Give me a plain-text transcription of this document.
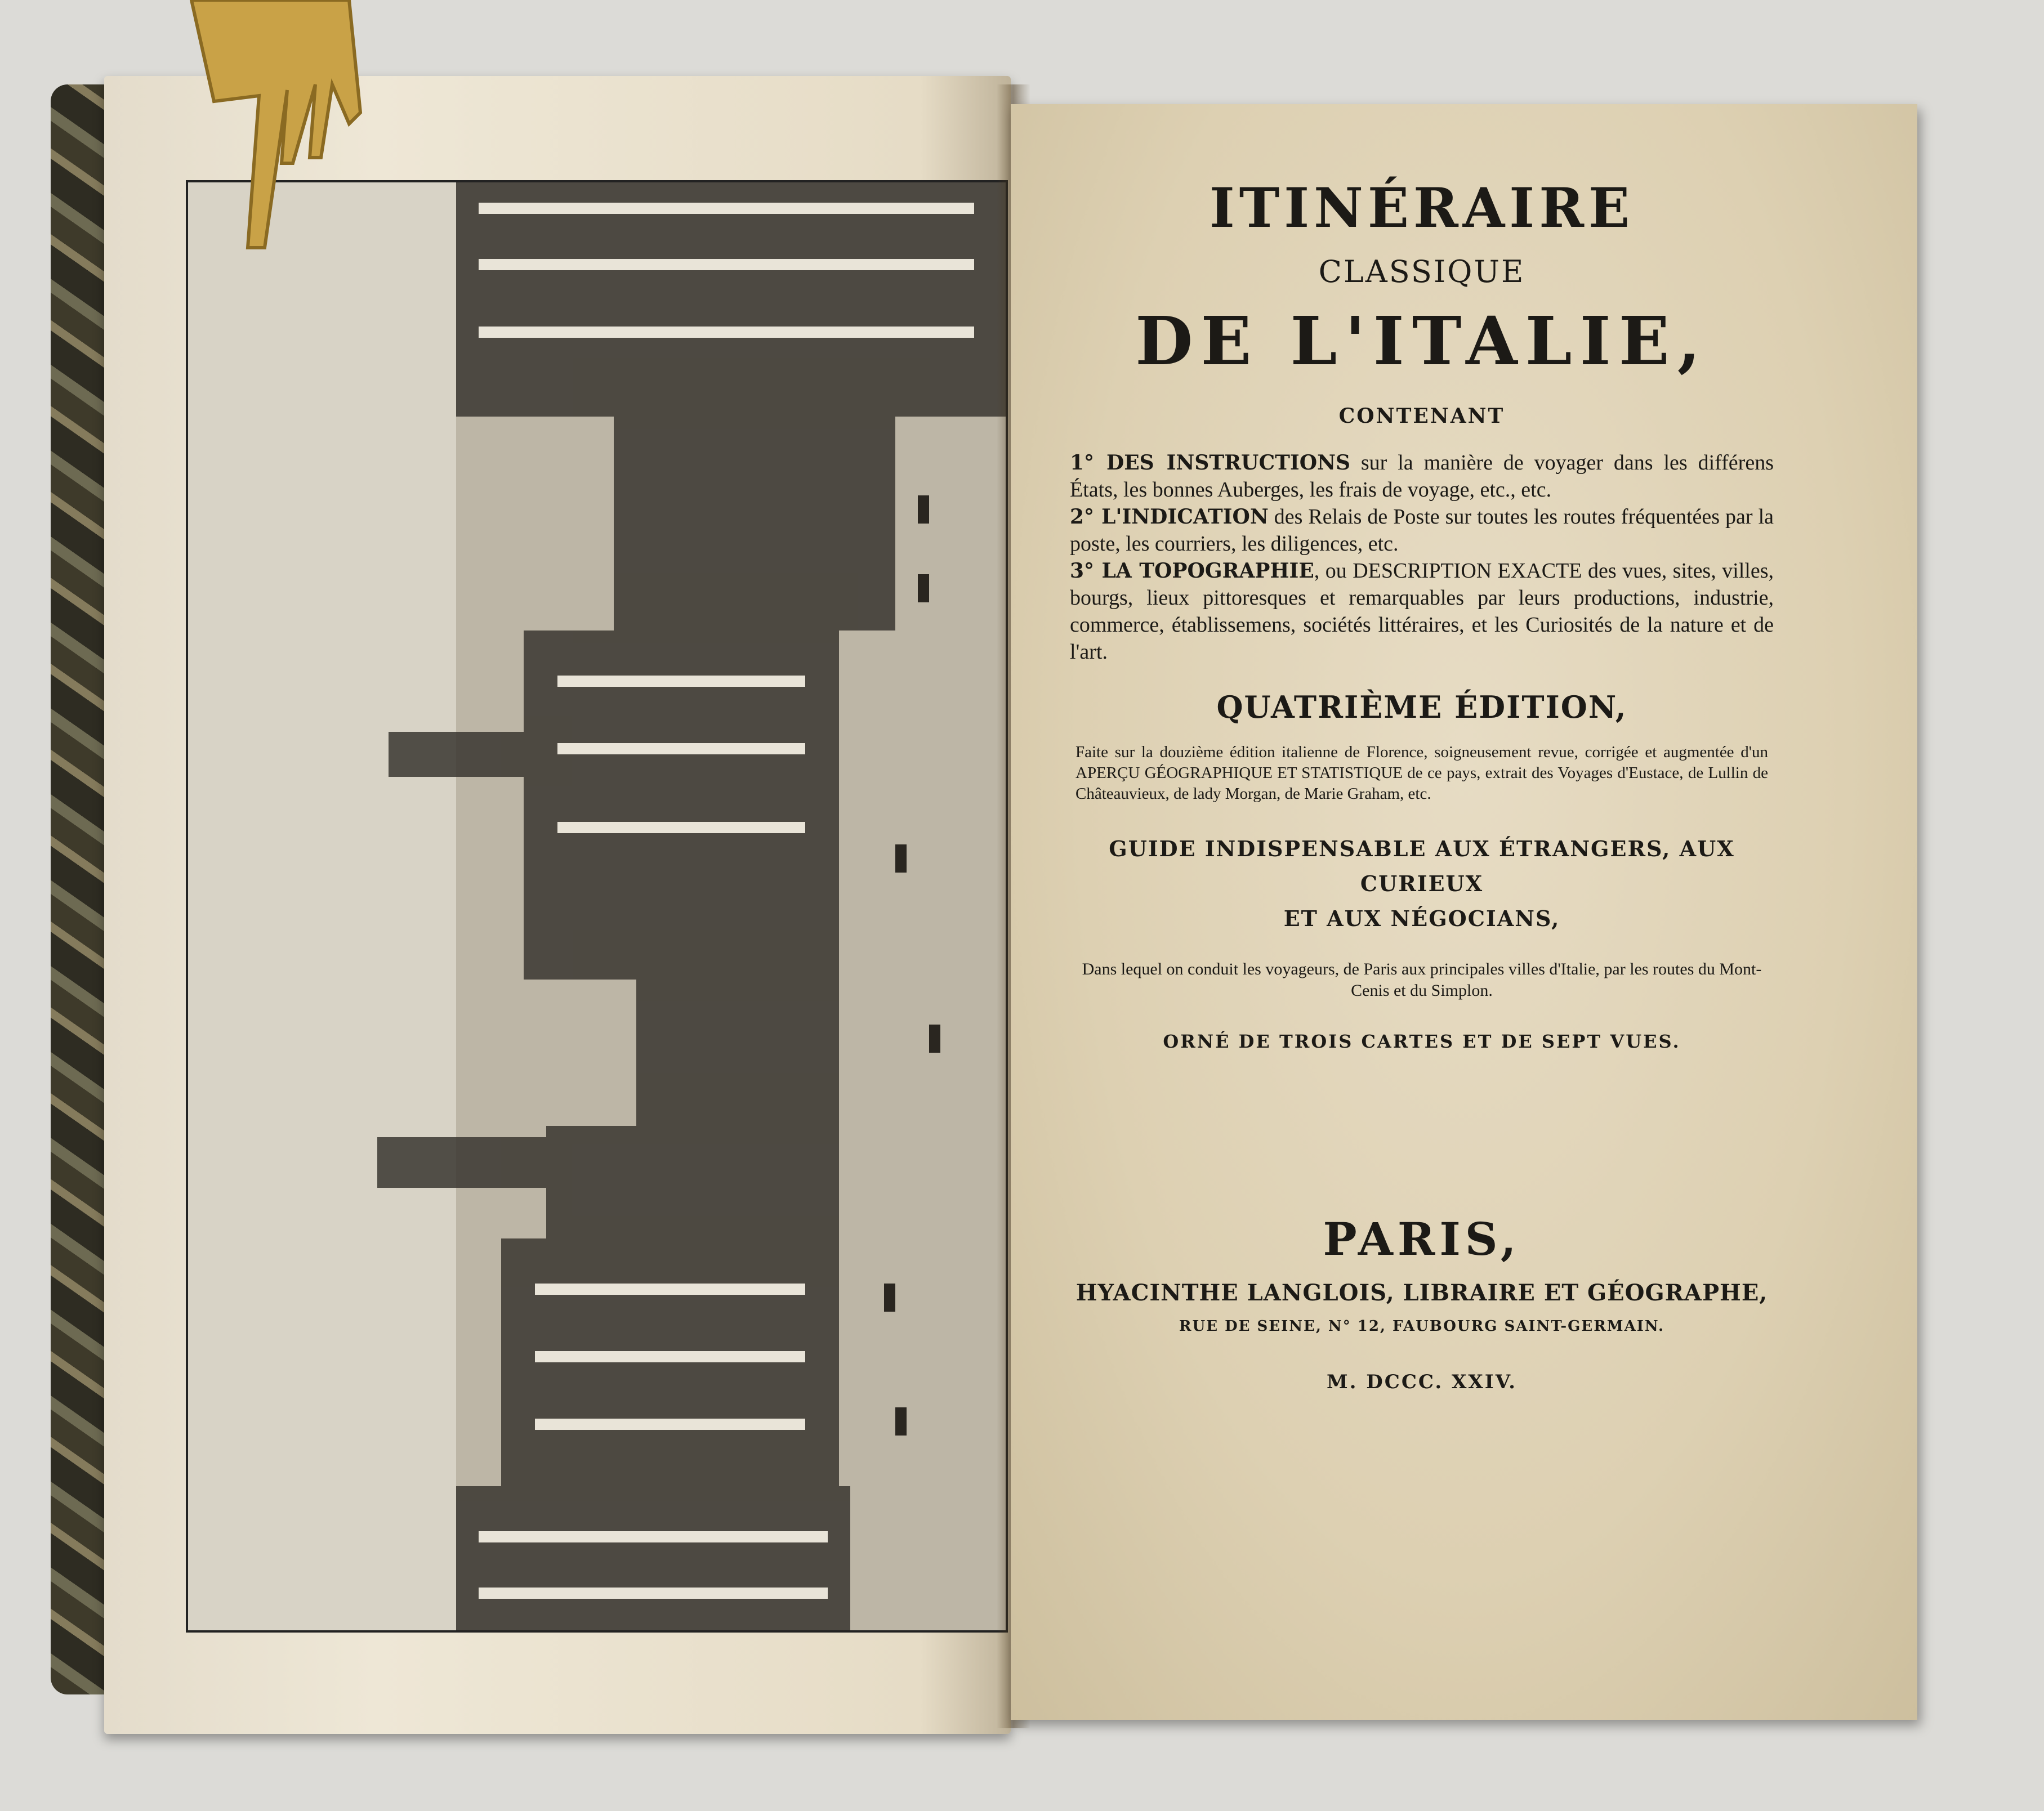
ITINÉRAIRE
CLASSIQUE
DE L'ITALIE,
CONTENANT
1° DES INSTRUCTIONS sur la manière de voyager dans les différens États, les bonnes Auberges, les frais de voyage, etc., etc.
2° L'INDICATION des Relais de Poste sur toutes les routes fréquentées par la poste, les courriers, les diligences, etc.
3° LA TOPOGRAPHIE, ou DESCRIPTION EXACTE des vues, sites, villes, bourgs, lieux pittoresques et remarquables par leurs productions, industrie, commerce, établissemens, sociétés littéraires, et les Curiosités de la nature et de l'art.
QUATRIÈME ÉDITION,
Faite sur la douzième édition italienne de Florence, soigneusement revue, corrigée et augmentée d'un APERÇU GÉOGRAPHIQUE ET STATISTIQUE de ce pays, extrait des Voyages d'Eustace, de Lullin de Châteauvieux, de lady Morgan, de Marie Graham, etc.
GUIDE INDISPENSABLE AUX ÉTRANGERS, AUX CURIEUX
ET AUX NÉGOCIANS,
Dans lequel on conduit les voyageurs, de Paris aux principales villes d'Italie, par les routes du Mont-Cenis et du Simplon.
ORNÉ DE TROIS CARTES ET DE SEPT VUES.
PARIS,
HYACINTHE LANGLOIS, LIBRAIRE ET GÉOGRAPHE,
RUE DE SEINE, N° 12, FAUBOURG SAINT-GERMAIN.
M. DCCC. XXIV.
